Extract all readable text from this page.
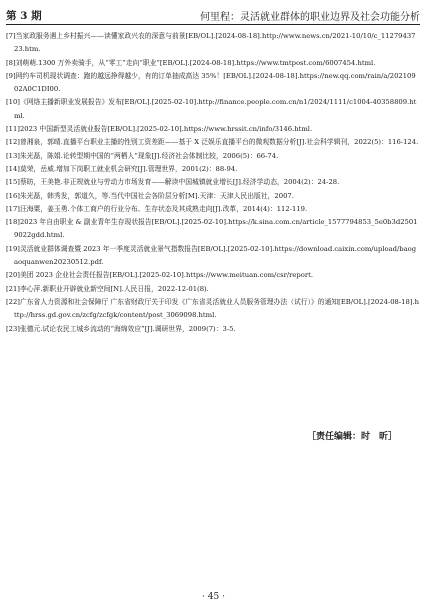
第 3 期	何里程：灵活就业群体的职业边界及社会功能分析

[7]当家政服务遇上乡村振兴——读懂家政兴农的深意与前景[EB/OL].[2024-08-18].http://www.news.cn/2021-10/10/c_1127943723.htm.

[8]刘萌萌.1300 万外卖骑手，从“零工”走向“职业”[EB/OL].[2024-08-18].https://www.tmtpost.com/6007454.html.

[9]网约车司机现状调查：跑的越远挣得越少，有的订单抽成高达 35%！[EB/OL].[2024-08-18].https://new.qq.com/rain/a/20210902A0C1DI00.

[10]《网络主播新职业发展报告》发布[EB/OL].[2025-02-10].http://finance.people.com.cn/n1/2024/1111/c1004-40358809.html.

[11]2023 中国新型灵活就业报告[EB/OL].[2025-02-10].https://www.hrssit.cn/info/3146.html.

[12]曾湘泉，郭晴.直播平台职业主播的性别工资差距——基于 X 泛娱乐直播平台的微观数据分析[J].社会科学辑刊，2022(5)：116-124.

[13]朱光磊，陈娟.论转型期中国的“两栖人”现象[J].经济社会体制比较，2006(5)：66-74.

[14]莫荣，岳威.增加下岗职工就业机会研究[J].管理世界，2001(2)：88-94.

[15]蔡昉，王美艳.非正规就业与劳动力市场发育——解读中国城镇就业增长[J].经济学动态，2004(2)：24-28.

[16]朱光磊，韩秀发，郭道久，等.当代中国社会各阶层分析[M].天津：天津人民出版社，2007.

[17]汪海粟，姜玉勇.个体工商户的行业分布、生存状态及其成熟走向[J].改革，2014(4)：112-119.

[18]2023 年自由职业 & 副业青年生存现状报告[EB/OL].[2025-02-10].https://k.sina.com.cn/article_1577794853_5e0b3d25019022gdd.html.

[19]灵活就业群体调查暨 2023 年一季度灵活就业景气指数报告[EB/OL].[2025-02-10].https://download.caixin.com/upload/baogaoquanwen20230512.pdf.

[20]美团 2023 企业社会责任报告[EB/OL].[2025-02-10].https://www.meituan.com/csr/report.

[21]李心萍.新职业开辟就业新空间[N].人民日报，2022-12-01(8).

[22]广东省人力资源和社会保障厅 广东省财政厅关于印发《广东省灵活就业人员服务管理办法（试行）》的通知[EB/OL].[2024-08-18].http://hrss.gd.gov.cn/zcfg/zcfgk/content/post_3069098.html.

[23]张德元.试论农民工城乡流动的“海绵效应”[J].调研世界，2009(7)：3-5.

［责任编辑：时　昕］
· 45 ·
